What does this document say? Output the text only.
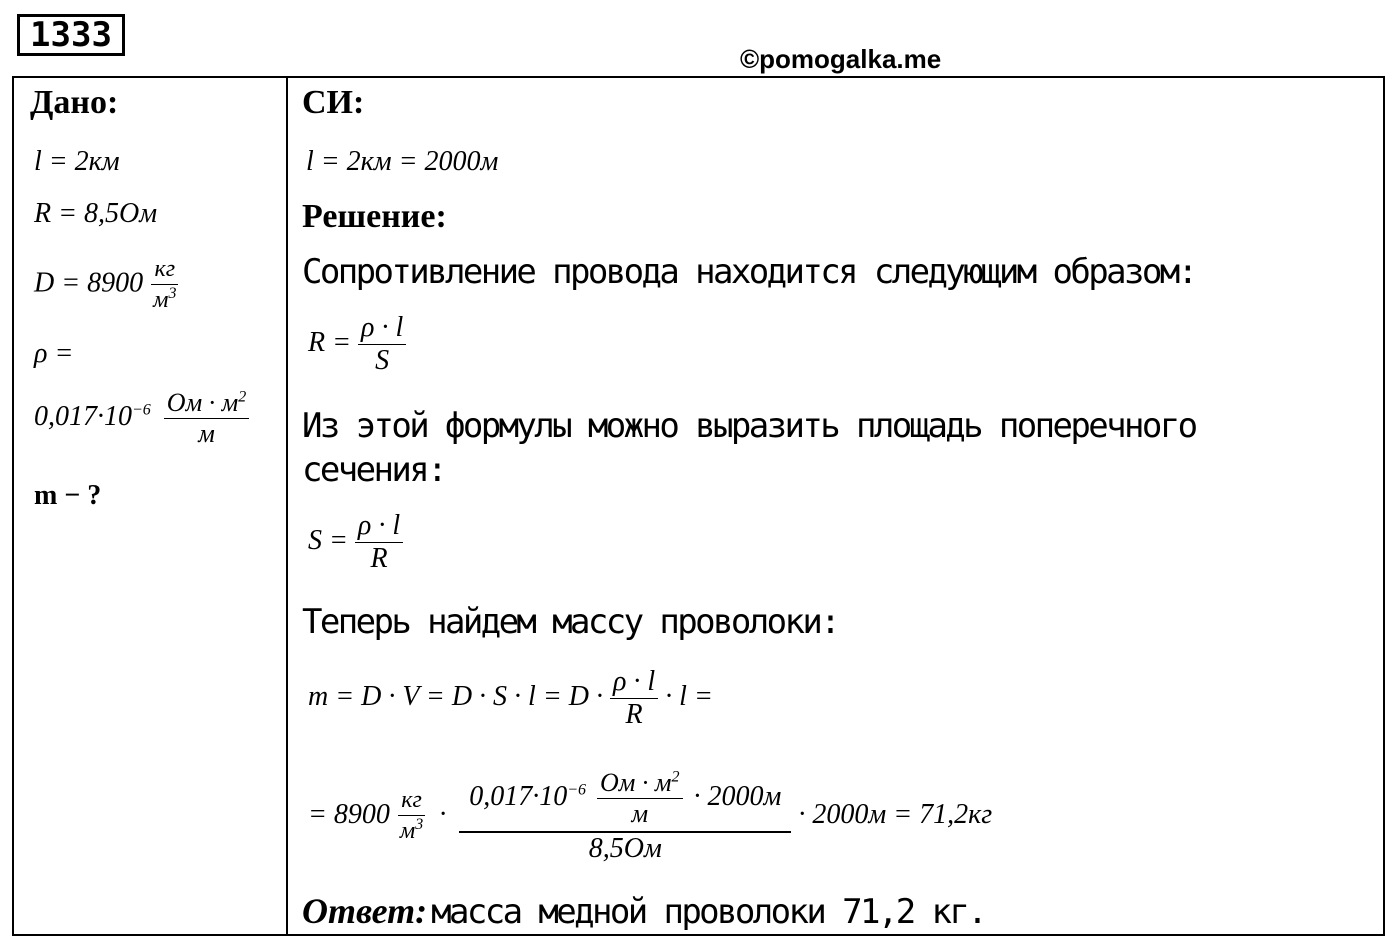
1333
©pomogalka.me
Дано:
l = 2км
R = 8,5Ом
$D = 8900 \frac{кг}{м^3}$
ρ =
$0,017\cdot 10^{-6} \frac{Ом \cdot м^2}{м}$
m − ?
СИ:
l = 2км = 2000м
Решение:
Сопротивление провода находится следующим образом:
$R = \frac{\rho \cdot l}{S}$
Из этой формулы можно выразить площадь поперечного
сечения:
$S = \frac{\rho \cdot l}{R}$
Теперь найдем массу проволоки:
$m = D \cdot V = D \cdot S \cdot l = D \cdot \frac{\rho \cdot l}{R} \cdot l$ =
= $8900 \frac{кг}{м^3}$ ·
$0,017\cdot 10^{-6} \frac{Ом \cdot м^2}{м} \cdot 2000м$
8,5Ом
· 2000м = 71,2кг
Ответ: масса медной проволоки 71,2 кг.
